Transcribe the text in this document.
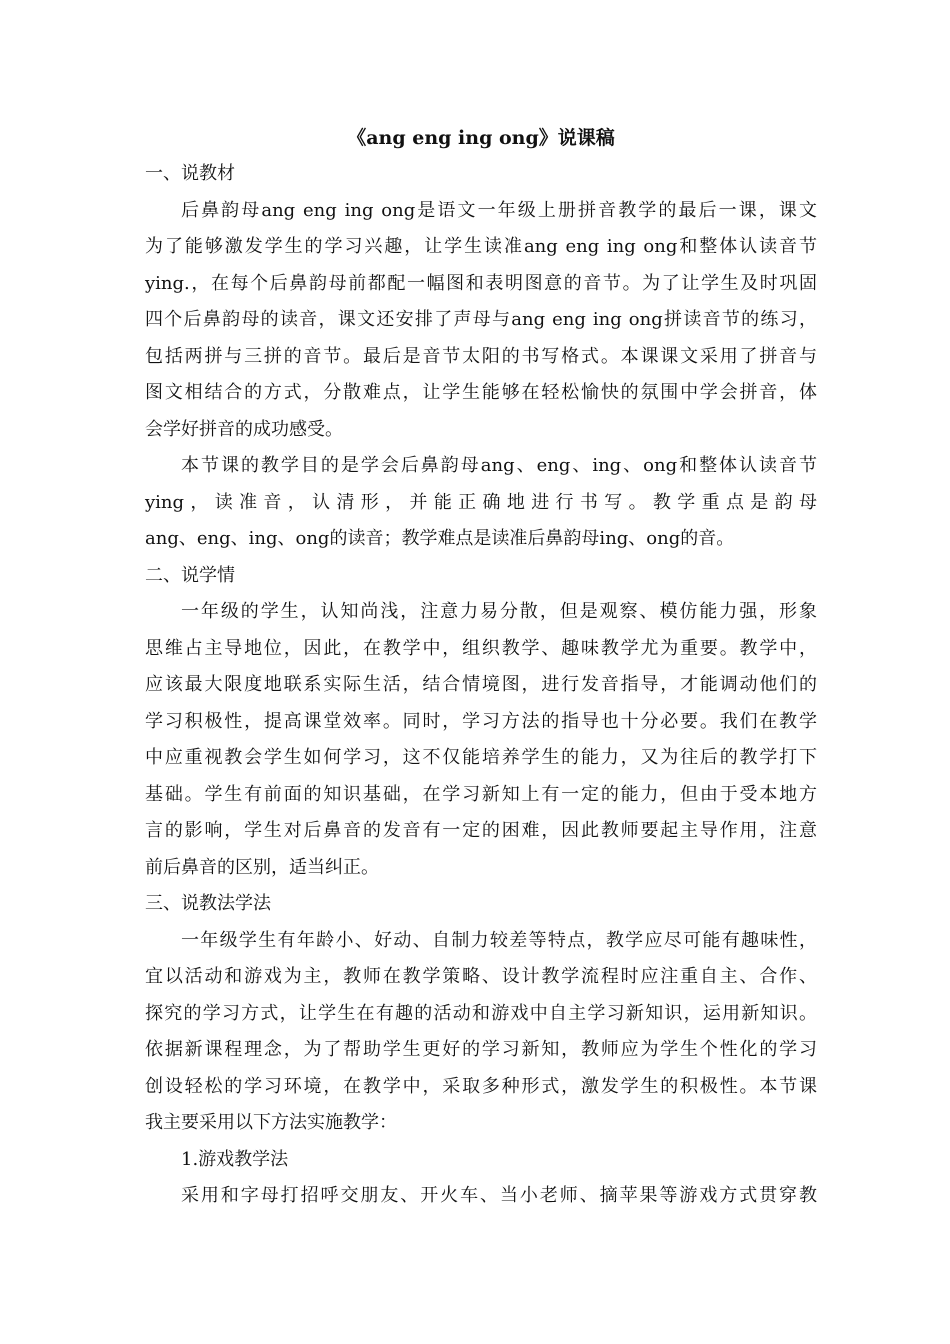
《ang eng ing ong》说课稿
一、说教材
后鼻韵母ang eng ing ong是语文一年级上册拼音教学的最后一课，课文
为了能够激发学生的学习兴趣，让学生读准ang eng ing ong和整体认读音节
ying.，在每个后鼻韵母前都配一幅图和表明图意的音节。为了让学生及时巩固
四个后鼻韵母的读音，课文还安排了声母与ang eng ing ong拼读音节的练习，
包括两拼与三拼的音节。最后是音节太阳的书写格式。本课课文采用了拼音与
图文相结合的方式，分散难点，让学生能够在轻松愉快的氛围中学会拼音，体
会学好拼音的成功感受。
本节课的教学目的是学会后鼻韵母ang、eng、ing、ong和整体认读音节
ying，读准音，认清形，并能正确地进行书写。教学重点是韵母
ang、eng、ing、ong的读音；教学难点是读准后鼻韵母ing、ong的音。
二、说学情
一年级的学生，认知尚浅，注意力易分散，但是观察、模仿能力强，形象
思维占主导地位，因此，在教学中，组织教学、趣味教学尤为重要。教学中，
应该最大限度地联系实际生活，结合情境图，进行发音指导，才能调动他们的
学习积极性，提高课堂效率。同时，学习方法的指导也十分必要。我们在教学
中应重视教会学生如何学习，这不仅能培养学生的能力，又为往后的教学打下
基础。学生有前面的知识基础，在学习新知上有一定的能力，但由于受本地方
言的影响，学生对后鼻音的发音有一定的困难，因此教师要起主导作用，注意
前后鼻音的区别，适当纠正。
三、说教法学法
一年级学生有年龄小、好动、自制力较差等特点，教学应尽可能有趣味性，
宜以活动和游戏为主，教师在教学策略、设计教学流程时应注重自主、合作、
探究的学习方式，让学生在有趣的活动和游戏中自主学习新知识，运用新知识。
依据新课程理念，为了帮助学生更好的学习新知，教师应为学生个性化的学习
创设轻松的学习环境，在教学中，采取多种形式，激发学生的积极性。本节课
我主要采用以下方法实施教学：
1.游戏教学法
采用和字母打招呼交朋友、开火车、当小老师、摘苹果等游戏方式贯穿教
